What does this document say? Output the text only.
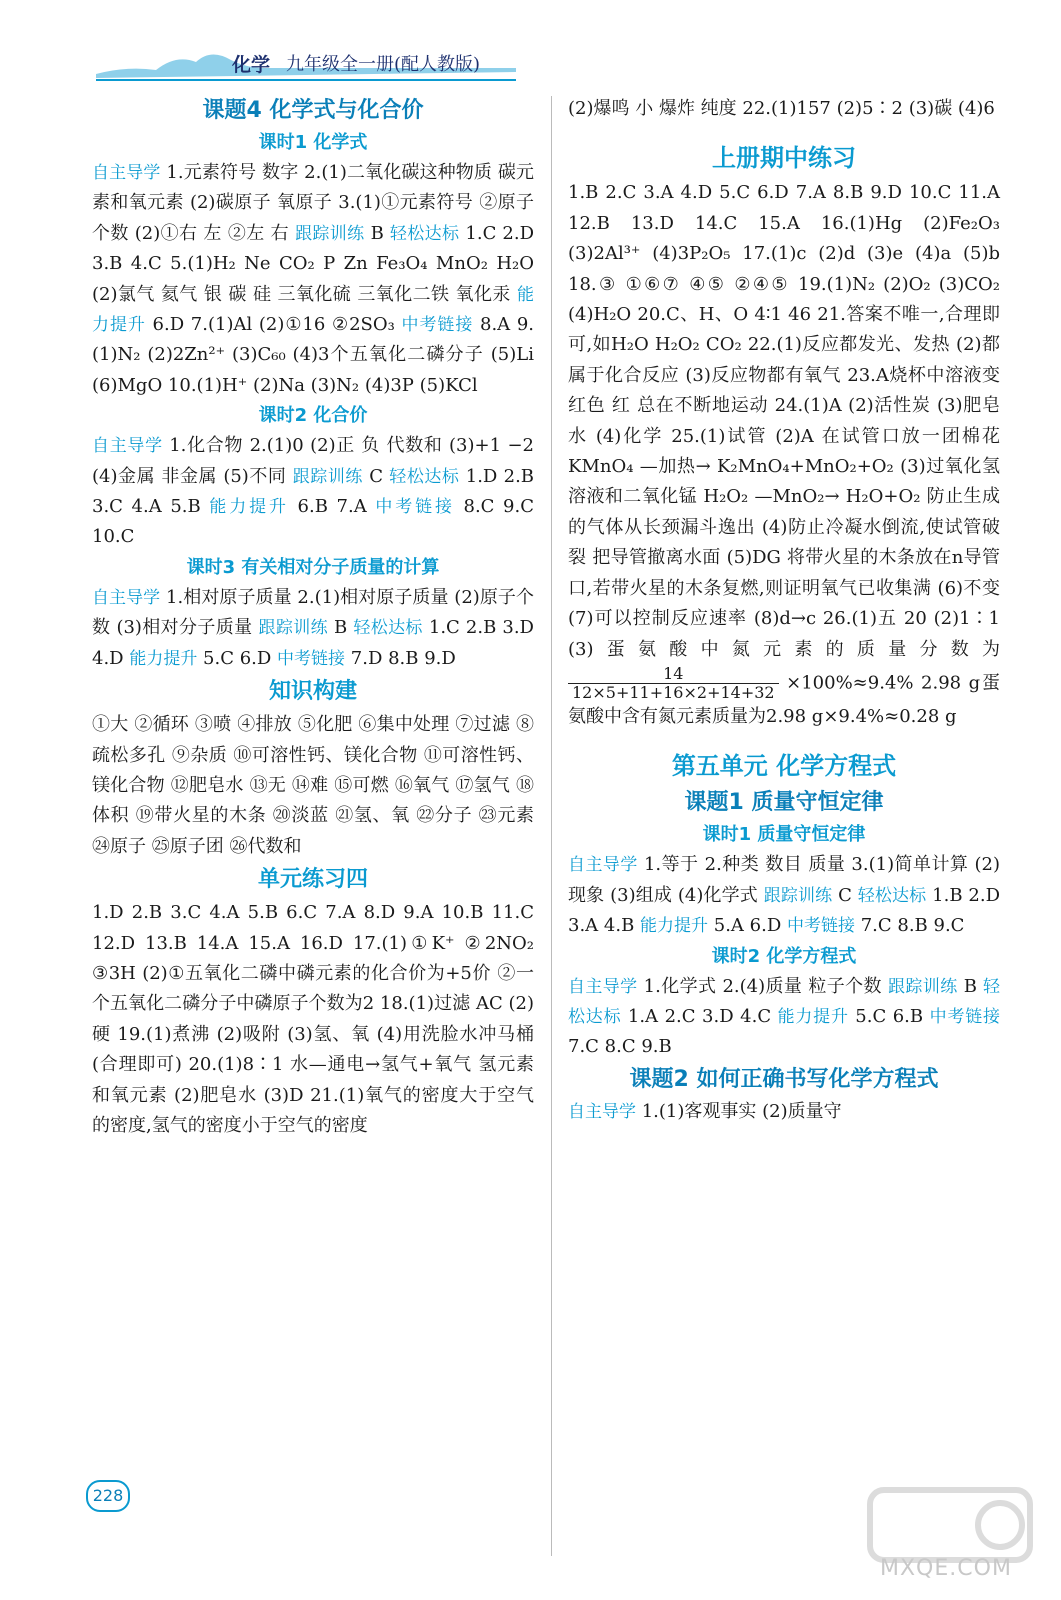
化学 九年级全一册(配人教版)
课题4 化学式与化合价
课时1 化学式

自主导学 1.元素符号 数字 2.(1)二氧化碳这种物质 碳元素和氧元素 (2)碳原子 氧原子 3.(1)①元素符号 ②原子个数 (2)①右 左 ②左 右 跟踪训练 B 轻松达标 1.C 2.D 3.B 4.C 5.(1)H₂ Ne CO₂ P Zn Fe₃O₄ MnO₂ H₂O (2)氯气 氦气 银 碳 硅 三氧化硫 三氧化二铁 氧化汞 能力提升 6.D 7.(1)Al (2)①16 ②2SO₃ 中考链接 8.A 9.(1)N₂ (2)2Zn²⁺ (3)C₆₀ (4)3个五氧化二磷分子 (5)Li (6)MgO 10.(1)H⁺ (2)Na (3)N₂ (4)3P (5)KCl

课时2 化合价

自主导学 1.化合物 2.(1)0 (2)正 负 代数和 (3)+1 −2 (4)金属 非金属 (5)不同 跟踪训练 C 轻松达标 1.D 2.B 3.C 4.A 5.B 能力提升 6.B 7.A 中考链接 8.C 9.C 10.C

课时3 有关相对分子质量的计算

自主导学 1.相对原子质量 2.(1)相对原子质量 (2)原子个数 (3)相对分子质量 跟踪训练 B 轻松达标 1.C 2.B 3.D 4.D 能力提升 5.C 6.D 中考链接 7.D 8.B 9.D

知识构建

①大 ②循环 ③喷 ④排放 ⑤化肥 ⑥集中处理 ⑦过滤 ⑧疏松多孔 ⑨杂质 ⑩可溶性钙、镁化合物 ⑪可溶性钙、镁化合物 ⑫肥皂水 ⑬无 ⑭难 ⑮可燃 ⑯氧气 ⑰氢气 ⑱体积 ⑲带火星的木条 ⑳淡蓝 ㉑氢、氧 ㉒分子 ㉓元素 ㉔原子 ㉕原子团 ㉖代数和

单元练习四

1.D 2.B 3.C 4.A 5.B 6.C 7.A 8.D 9.A 10.B 11.C 12.D 13.B 14.A 15.A 16.D 17.(1)①K⁺ ②2NO₂ ③3H (2)①五氧化二磷中磷元素的化合价为+5价 ②一个五氧化二磷分子中磷原子个数为2 18.(1)过滤 AC (2)硬 19.(1)煮沸 (2)吸附 (3)氢、氧 (4)用洗脸水冲马桶(合理即可) 20.(1)8∶1 水—通电→氢气+氧气 氢元素和氧元素 (2)肥皂水 (3)D 21.(1)氧气的密度大于空气的密度,氢气的密度小于空气的密度

(2)爆鸣 小 爆炸 纯度 22.(1)157 (2)5∶2 (3)碳 (4)6

上册期中练习

1.B 2.C 3.A 4.D 5.C 6.D 7.A 8.B 9.D 10.C 11.A 12.B 13.D 14.C 15.A 16.(1)Hg (2)Fe₂O₃ (3)2Al³⁺ (4)3P₂O₅ 17.(1)c (2)d (3)e (4)a (5)b 18.③ ①⑥⑦ ④⑤ ②④⑤ 19.(1)N₂ (2)O₂ (3)CO₂ (4)H₂O 20.C、H、O 4∶1 46 21.答案不唯一,合理即可,如H₂O H₂O₂ CO₂ 22.(1)反应都发光、发热 (2)都属于化合反应 (3)反应物都有氧气 23.A烧杯中溶液变红色 红 总在不断地运动 24.(1)A (2)活性炭 (3)肥皂水 (4)化学 25.(1)试管 (2)A 在试管口放一团棉花 KMnO₄ —加热→ K₂MnO₄+MnO₂+O₂ (3)过氧化氢溶液和二氧化锰 H₂O₂ —MnO₂→ H₂O+O₂ 防止生成的气体从长颈漏斗逸出 (4)防止冷凝水倒流,使试管破裂 把导管撤离水面 (5)DG 将带火星的木条放在n导管口,若带火星的木条复燃,则证明氧气已收集满 (6)不变 (7)可以控制反应速率 (8)d→c 26.(1)五 20 (2)1∶1 (3)蛋氨酸中氮元素的质量分数为
$\frac{14}{12\times 5+11+16\times 2+14+32} \times 100\%\approx 9.4\%$ 2.98 g蛋氨酸中含有氮元素质量为2.98 g×9.4%≈0.28 g

第五单元 化学方程式
课题1 质量守恒定律
课时1 质量守恒定律

自主导学 1.等于 2.种类 数目 质量 3.(1)简单计算 (2)现象 (3)组成 (4)化学式 跟踪训练 C 轻松达标 1.B 2.D 3.A 4.B 能力提升 5.A 6.D 中考链接 7.C 8.B 9.C

课时2 化学方程式

自主导学 1.化学式 2.(4)质量 粒子个数 跟踪训练 B 轻松达标 1.A 2.C 3.D 4.C 能力提升 5.C 6.B 中考链接 7.C 8.C 9.B

课题2 如何正确书写化学方程式

自主导学 1.(1)客观事实 (2)质量守

228
MXQE.COM
